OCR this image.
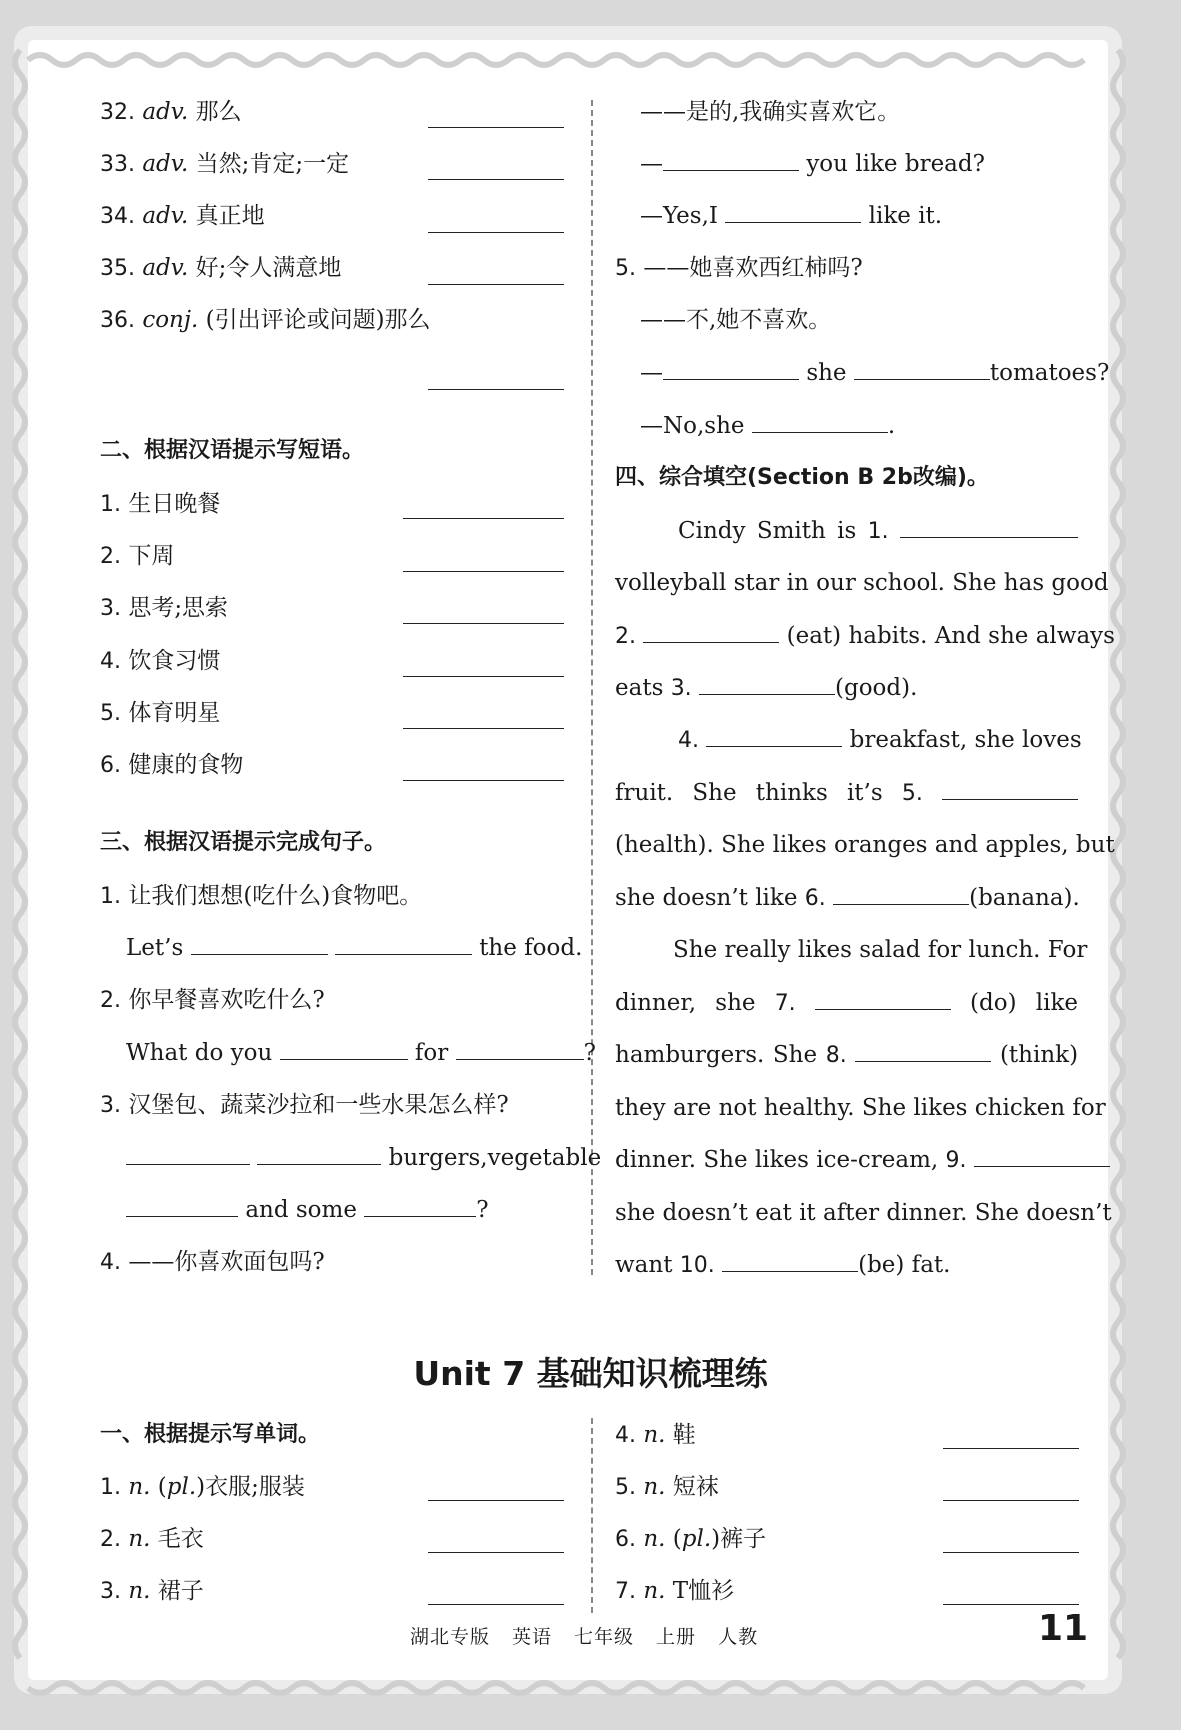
32. adv. 那么
33. adv. 当然;肯定;一定
34. adv. 真正地
35. adv. 好;令人满意地
36. conj. (引出评论或问题)那么
二、根据汉语提示写短语。
1. 生日晚餐
2. 下周
3. 思考;思索
4. 饮食习惯
5. 体育明星
6. 健康的食物
三、根据汉语提示完成句子。
1. 让我们想想(吃什么)食物吧。
Let’s	the food.
2. 你早餐喜欢吃什么?
What do you	for	?
3. 汉堡包、蔬菜沙拉和一些水果怎么样?
burgers,vegetable
and some	?
4. ——你喜欢面包吗?
——是的,我确实喜欢它。
—	you like bread?
—Yes,I	like it.
5. ——她喜欢西红柿吗?
——不,她不喜欢。
—	she	tomatoes?
—No,she	.
四、综合填空(Section B 2b改编)。
Cindy Smith is 1.
volleyball star in our school. She has good
2.	(eat) habits. And she always
eats 3.	(good).
4.	breakfast, she loves
fruit. She thinks it’s 5.
(health). She likes oranges and apples, but
she doesn’t like 6.	(banana).
She really likes salad for lunch. For
dinner, she 7.	(do) like
hamburgers. She 8.	(think)
they are not healthy. She likes chicken for
dinner. She likes ice-cream, 9.
she doesn’t eat it after dinner. She doesn’t
want 10.	(be) fat.
Unit 7 基础知识梳理练
一、根据提示写单词。
1. n. (pl.)衣服;服装
2. n. 毛衣
3. n. 裙子
4. n. 鞋
5. n. 短袜
6. n. (pl.)裤子
7. n. T恤衫
湖北专版 英语 七年级 上册 人教	11
